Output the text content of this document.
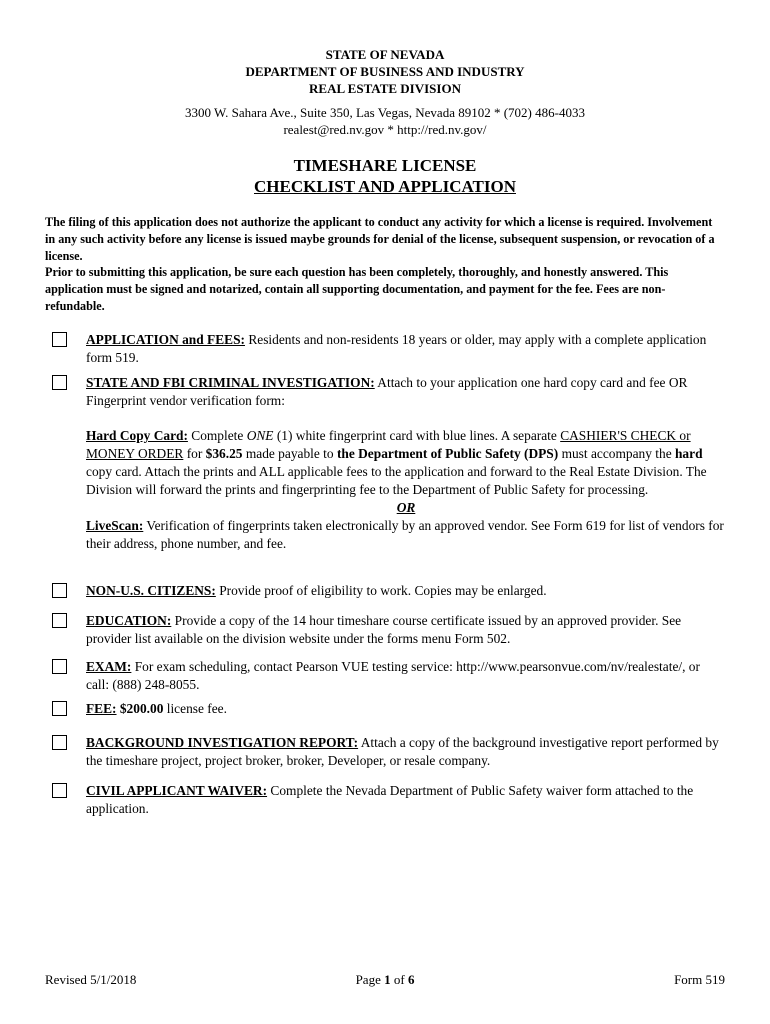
STATE OF NEVADA
DEPARTMENT OF BUSINESS AND INDUSTRY
REAL ESTATE DIVISION
3300 W. Sahara Ave., Suite 350, Las Vegas, Nevada 89102 * (702) 486-4033
realest@red.nv.gov * http://red.nv.gov/
TIMESHARE LICENSE
CHECKLIST AND APPLICATION
The filing of this application does not authorize the applicant to conduct any activity for which a license is required. Involvement in any such activity before any license is issued maybe grounds for denial of the license, subsequent suspension, or revocation of a license.
Prior to submitting this application, be sure each question has been completely, thoroughly, and honestly answered. This application must be signed and notarized, contain all supporting documentation, and payment for the fee. Fees are non-refundable.
APPLICATION and FEES: Residents and non-residents 18 years or older, may apply with a complete application form 519.
STATE AND FBI CRIMINAL INVESTIGATION: Attach to your application one hard copy card and fee OR Fingerprint vendor verification form:
Hard Copy Card: Complete ONE (1) white fingerprint card with blue lines. A separate CASHIER'S CHECK or MONEY ORDER for $36.25 made payable to the Department of Public Safety (DPS) must accompany the hard copy card. Attach the prints and ALL applicable fees to the application and forward to the Real Estate Division. The Division will forward the prints and fingerprinting fee to the Department of Public Safety for processing.
OR
LiveScan: Verification of fingerprints taken electronically by an approved vendor. See Form 619 for list of vendors for their address, phone number, and fee.
NON-U.S. CITIZENS: Provide proof of eligibility to work. Copies may be enlarged.
EDUCATION: Provide a copy of the 14 hour timeshare course certificate issued by an approved provider. See provider list available on the division website under the forms menu Form 502.
EXAM: For exam scheduling, contact Pearson VUE testing service: http://www.pearsonvue.com/nv/realestate/, or call: (888) 248-8055.
FEE: $200.00 license fee.
BACKGROUND INVESTIGATION REPORT: Attach a copy of the background investigative report performed by the timeshare project, project broker, broker, Developer, or resale company.
CIVIL APPLICANT WAIVER: Complete the Nevada Department of Public Safety waiver form attached to the application.
Revised 5/1/2018	Page 1 of 6	Form 519
